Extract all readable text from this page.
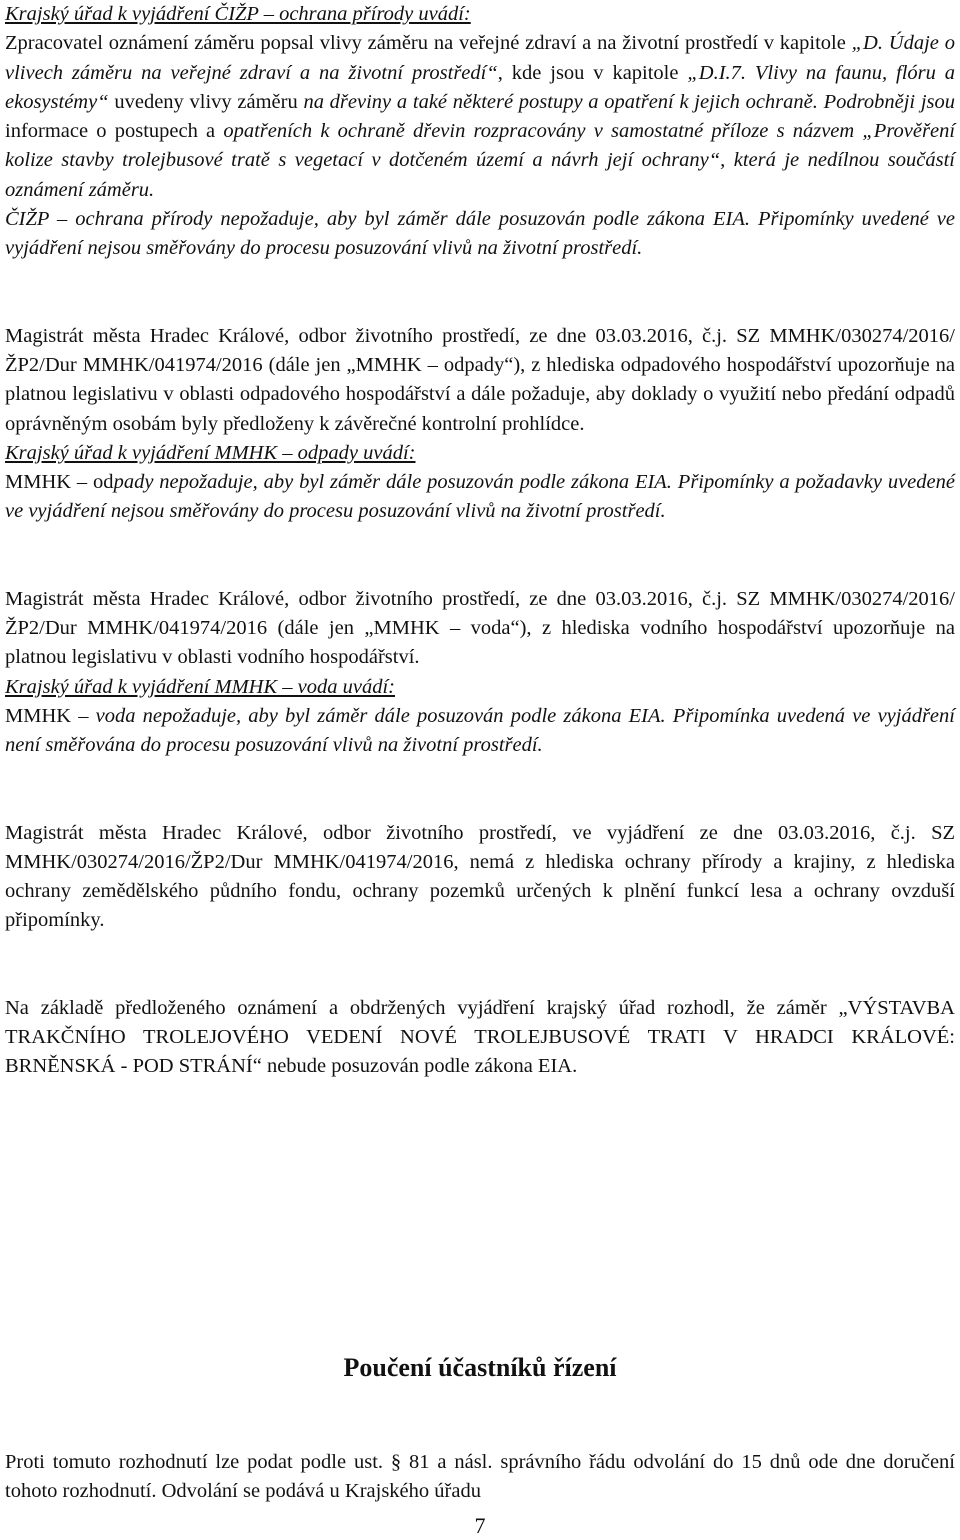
Krajský úřad k vyjádření ČIŽP – ochrana přírody uvádí:

Zpracovatel oznámení záměru popsal vlivy záměru na veřejné zdraví a na životní prostředí v kapitole „D. Údaje o vlivech záměru na veřejné zdraví a na životní prostředí“, kde jsou v kapitole „D.I.7. Vlivy na faunu, flóru a ekosystémy“ uvedeny vlivy záměru na dřeviny a také některé postupy a opatření k jejich ochraně. Podrobněji jsou informace o postupech a opatřeních k ochraně dřevin rozpracovány v samostatné příloze s názvem „Prověření kolize stavby trolejbusové tratě s vegetací v dotčeném území a návrh její ochrany“, která je nedílnou součástí oznámení záměru.

ČIŽP – ochrana přírody nepožaduje, aby byl záměr dále posuzován podle zákona EIA. Připomínky uvedené ve vyjádření nejsou směřovány do procesu posuzování vlivů na životní prostředí.

Magistrát města Hradec Králové, odbor životního prostředí, ze dne 03.03.2016, č.j. SZ MMHK/030274/2016/ŽP2/Dur MMHK/041974/2016 (dále jen „MMHK – odpady“), z hlediska odpadového hospodářství upozorňuje na platnou legislativu v oblasti odpadového hospodářství a dále požaduje, aby doklady o využití nebo předání odpadů oprávněným osobám byly předloženy k závěrečné kontrolní prohlídce.

Krajský úřad k vyjádření MMHK – odpady uvádí:

MMHK – odpady nepožaduje, aby byl záměr dále posuzován podle zákona EIA. Připomínky a požadavky uvedené ve vyjádření nejsou směřovány do procesu posuzování vlivů na životní prostředí.

Magistrát města Hradec Králové, odbor životního prostředí, ze dne 03.03.2016, č.j. SZ MMHK/030274/2016/ŽP2/Dur MMHK/041974/2016 (dále jen „MMHK – voda“), z hlediska vodního hospodářství upozorňuje na platnou legislativu v oblasti vodního hospodářství.

Krajský úřad k vyjádření MMHK – voda uvádí:

MMHK – voda nepožaduje, aby byl záměr dále posuzován podle zákona EIA. Připomínka uvedená ve vyjádření není směřována do procesu posuzování vlivů na životní prostředí.

Magistrát města Hradec Králové, odbor životního prostředí, ve vyjádření ze dne 03.03.2016, č.j. SZ MMHK/030274/2016/ŽP2/Dur MMHK/041974/2016, nemá z hlediska ochrany přírody a krajiny, z hlediska ochrany zemědělského půdního fondu, ochrany pozemků určených k plnění funkcí lesa a ochrany ovzduší připomínky.

Na základě předloženého oznámení a obdržených vyjádření krajský úřad rozhodl, že záměr „VÝSTAVBA TRAKČNÍHO TROLEJOVÉHO VEDENÍ NOVÉ TROLEJBUSOVÉ TRATI V HRADCI KRÁLOVÉ: BRNĚNSKÁ - POD STRÁNÍ“ nebude posuzován podle zákona EIA.

Poučení účastníků řízení

Proti tomuto rozhodnutí lze podat podle ust. § 81 a násl. správního řádu odvolání do 15 dnů ode dne doručení tohoto rozhodnutí. Odvolání se podává u Krajského úřadu

7
